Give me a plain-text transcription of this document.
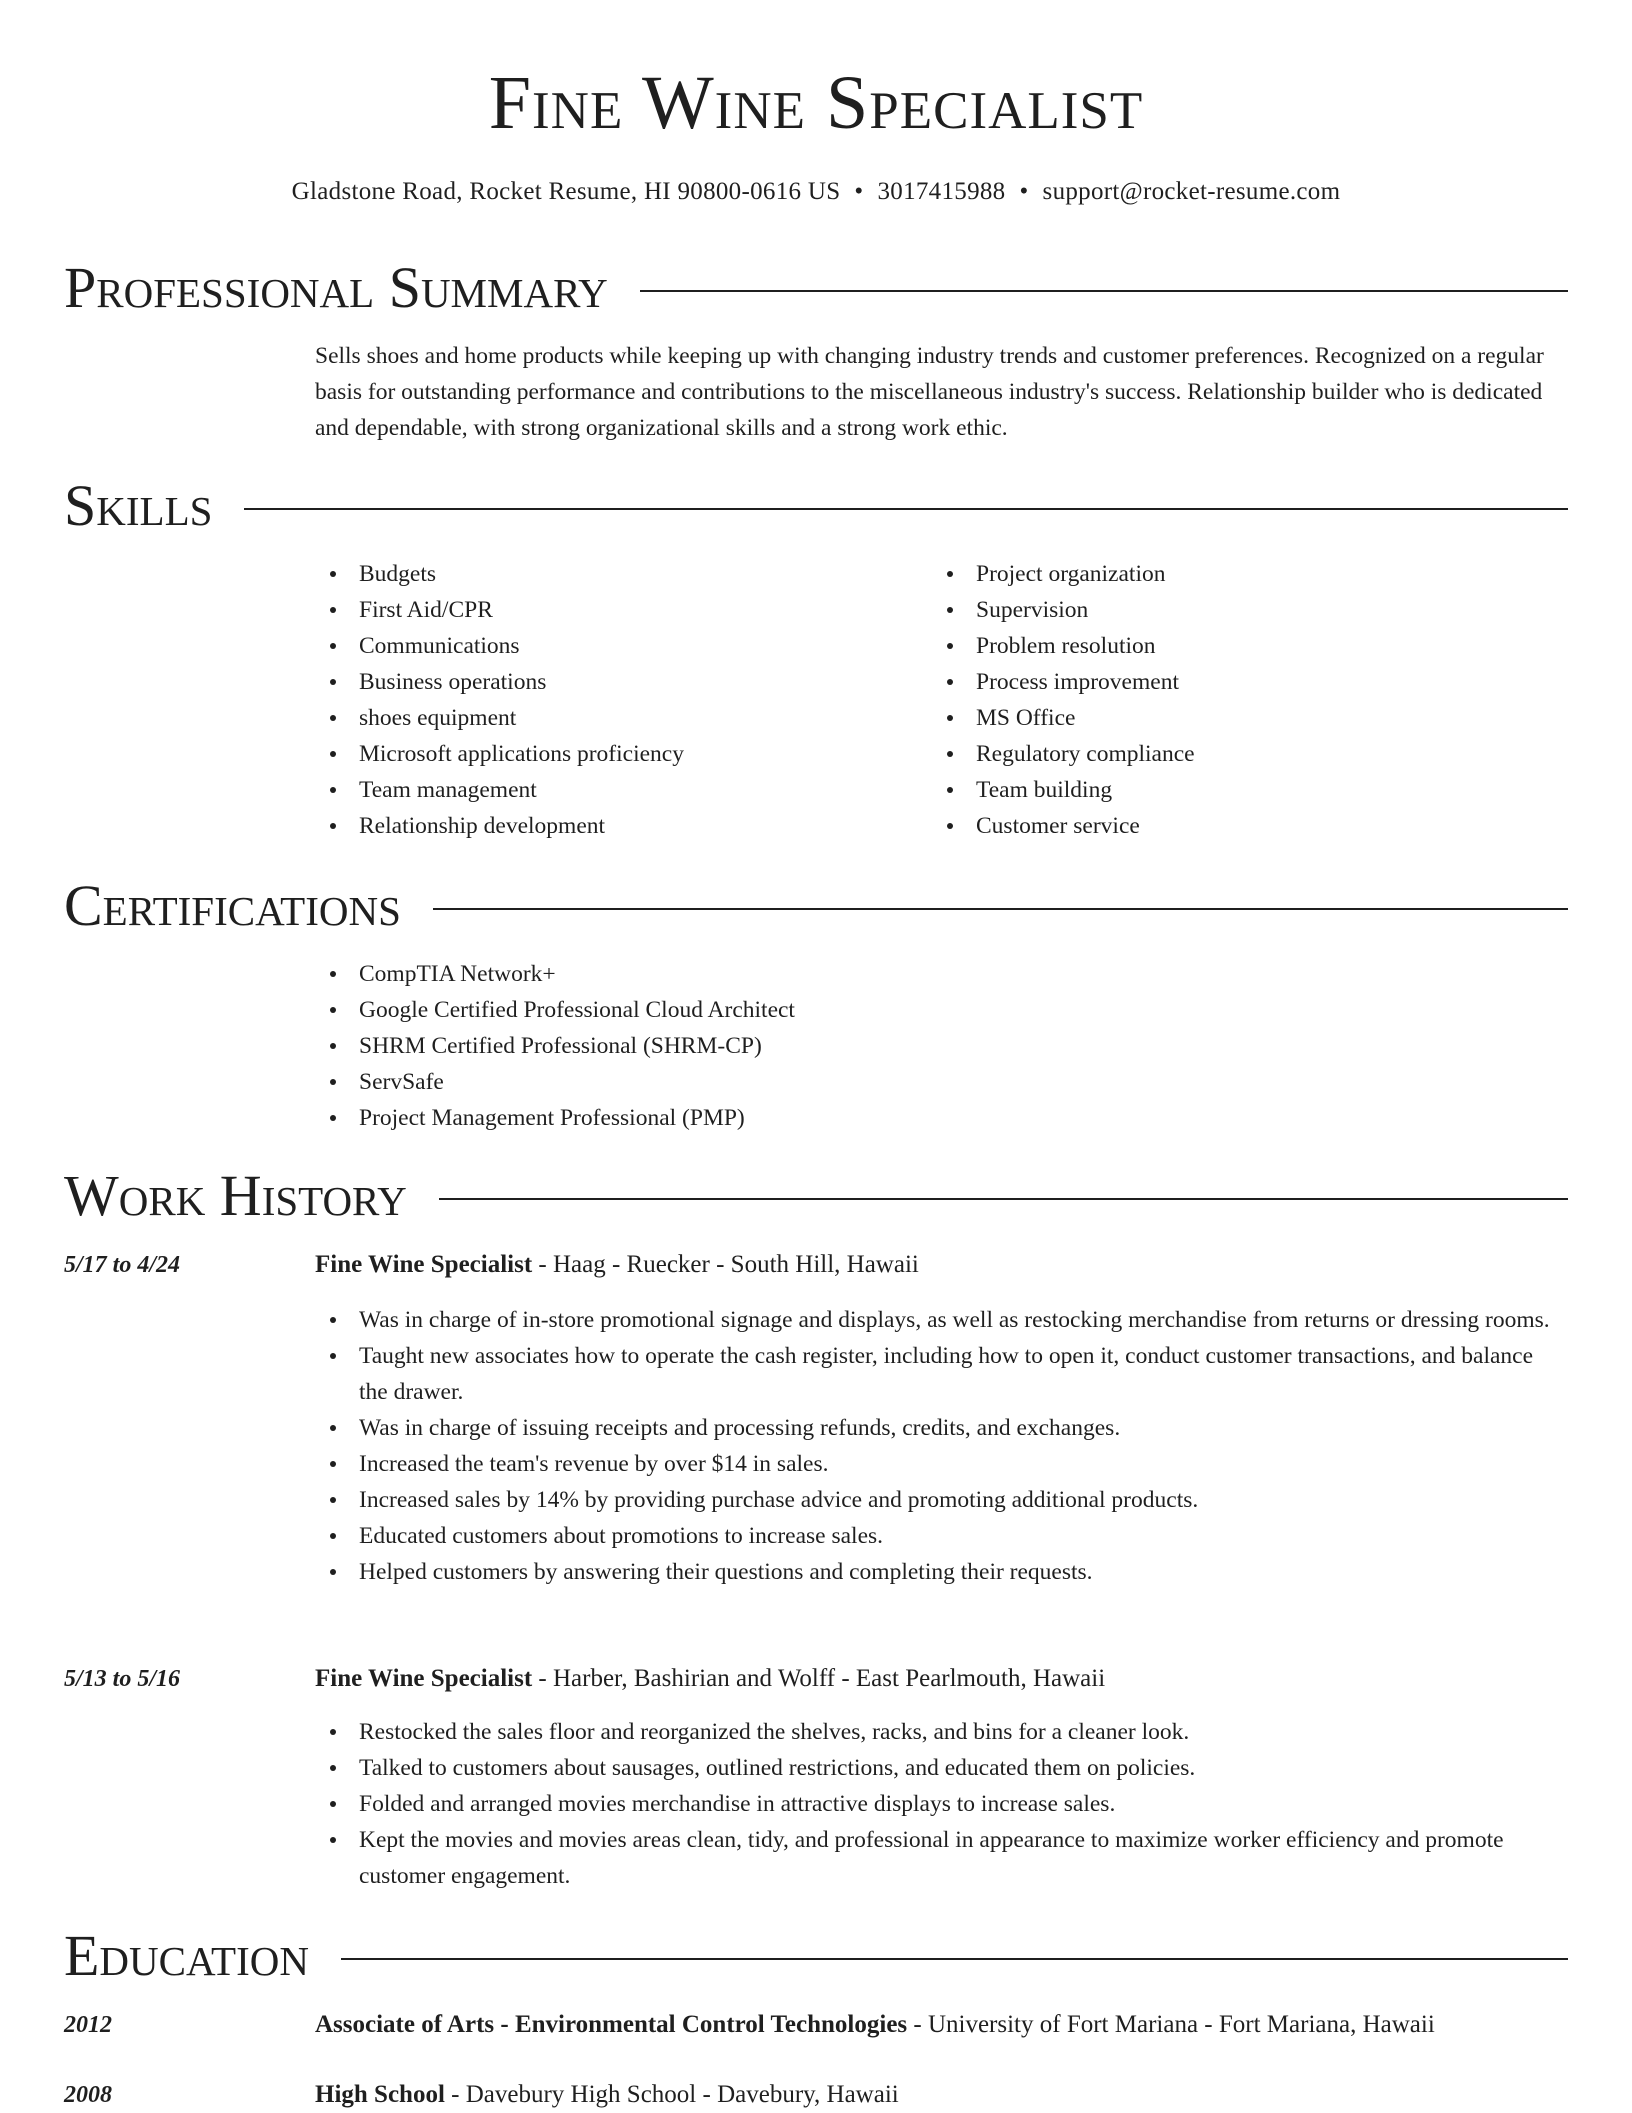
Fine Wine Specialist
Gladstone Road, Rocket Resume, HI 90800-0616 US • 3017415988 • support@rocket-resume.com
Professional Summary

Sells shoes and home products while keeping up with changing industry trends and customer preferences. Recognized on a regular basis for outstanding performance and contributions to the miscellaneous industry's success. Relationship builder who is dedicated and dependable, with strong organizational skills and a strong work ethic.

Skills
Budgets
First Aid/CPR
Communications
Business operations
shoes equipment
Microsoft applications proficiency
Team management
Relationship development
Project organization
Supervision
Problem resolution
Process improvement
MS Office
Regulatory compliance
Team building
Customer service
Certifications
CompTIA Network+
Google Certified Professional Cloud Architect
SHRM Certified Professional (SHRM-CP)
ServSafe
Project Management Professional (PMP)
Work History
5/17 to 4/24	Fine Wine Specialist - Haag - Ruecker - South Hill, Hawaii
Was in charge of in-store promotional signage and displays, as well as restocking merchandise from returns or dressing rooms.
Taught new associates how to operate the cash register, including how to open it, conduct customer transactions, and balance the drawer.
Was in charge of issuing receipts and processing refunds, credits, and exchanges.
Increased the team's revenue by over $14 in sales.
Increased sales by 14% by providing purchase advice and promoting additional products.
Educated customers about promotions to increase sales.
Helped customers by answering their questions and completing their requests.
5/13 to 5/16	Fine Wine Specialist - Harber, Bashirian and Wolff - East Pearlmouth, Hawaii
Restocked the sales floor and reorganized the shelves, racks, and bins for a cleaner look.
Talked to customers about sausages, outlined restrictions, and educated them on policies.
Folded and arranged movies merchandise in attractive displays to increase sales.
Kept the movies and movies areas clean, tidy, and professional in appearance to maximize worker efficiency and promote customer engagement.
Education
2012	Associate of Arts - Environmental Control Technologies - University of Fort Mariana - Fort Mariana, Hawaii
2008	High School - Davebury High School - Davebury, Hawaii
